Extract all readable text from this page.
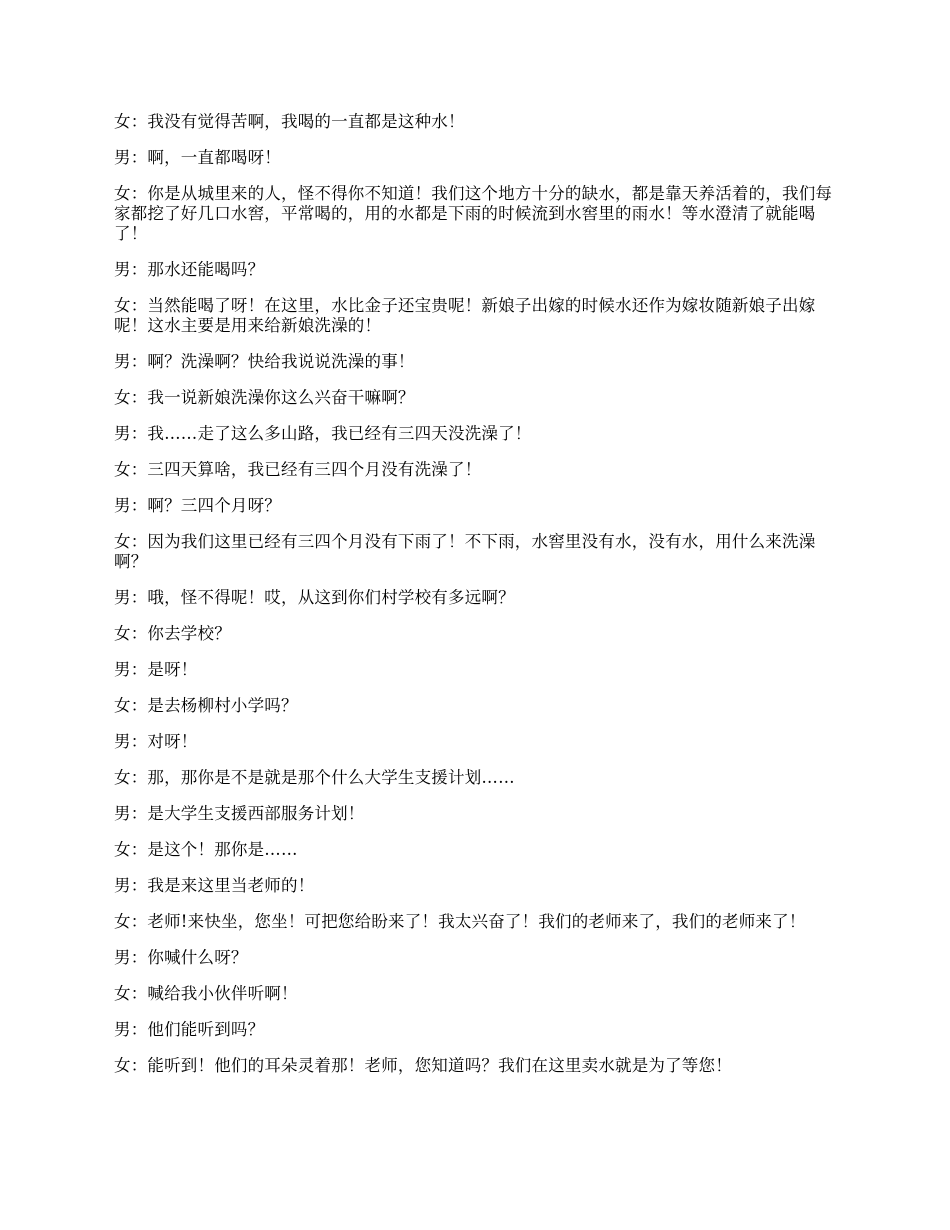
女：我没有觉得苦啊，我喝的一直都是这种水！

男：啊，一直都喝呀！

女：你是从城里来的人，怪不得你不知道！我们这个地方十分的缺水，都是靠天养活着的，我们每家都挖了好几口水窖，平常喝的，用的水都是下雨的时候流到水窖里的雨水！等水澄清了就能喝了！

男：那水还能喝吗？

女：当然能喝了呀！在这里，水比金子还宝贵呢！新娘子出嫁的时候水还作为嫁妆随新娘子出嫁呢！这水主要是用来给新娘洗澡的！

男：啊？洗澡啊？快给我说说洗澡的事！

女：我一说新娘洗澡你这么兴奋干嘛啊？

男：我……走了这么多山路，我已经有三四天没洗澡了！

女：三四天算啥，我已经有三四个月没有洗澡了！

男：啊？三四个月呀？

女：因为我们这里已经有三四个月没有下雨了！不下雨，水窖里没有水，没有水，用什么来洗澡啊？

男：哦，怪不得呢！哎，从这到你们村学校有多远啊？

女：你去学校？

男：是呀！

女：是去杨柳村小学吗？

男：对呀！

女：那，那你是不是就是那个什么大学生支援计划……

男：是大学生支援西部服务计划！

女：是这个！那你是……

男：我是来这里当老师的！

女：老师!来快坐，您坐！可把您给盼来了！我太兴奋了！我们的老师来了，我们的老师来了！

男：你喊什么呀？

女：喊给我小伙伴听啊！

男：他们能听到吗？

女：能听到！他们的耳朵灵着那！老师，您知道吗？我们在这里卖水就是为了等您！
